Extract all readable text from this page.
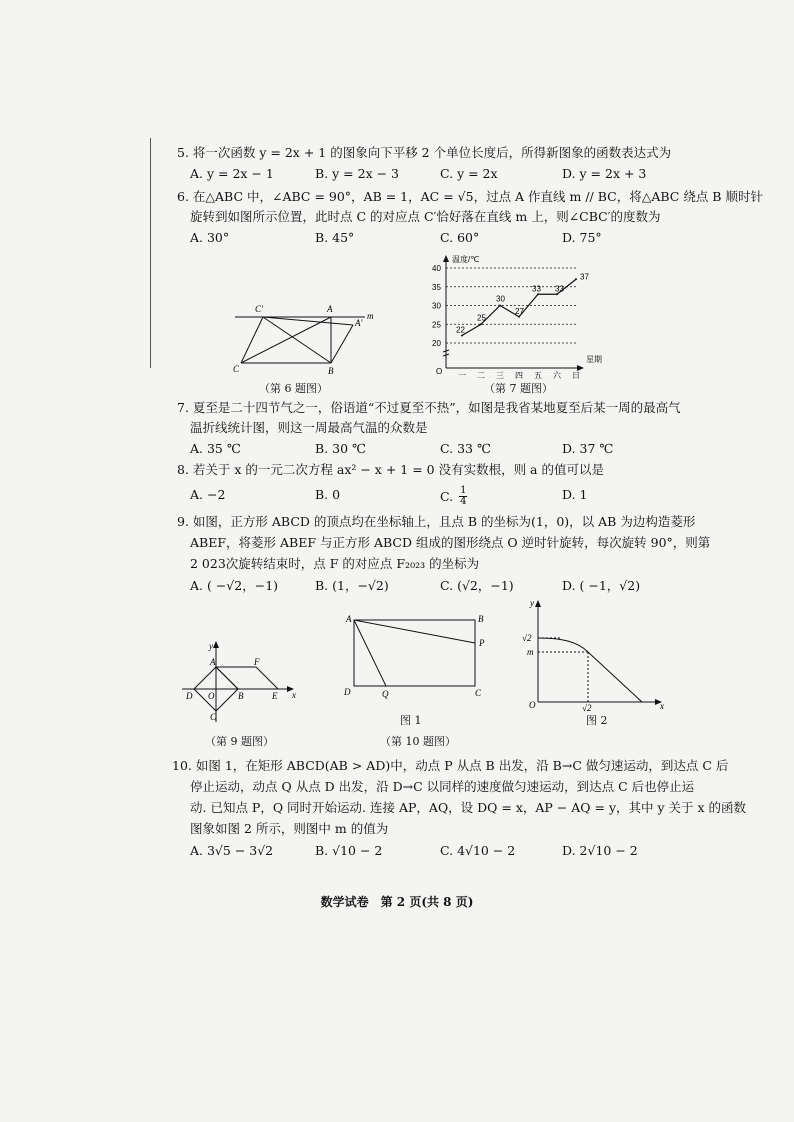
5. 将一次函数 y = 2x + 1 的图象向下平移 2 个单位长度后，所得新图象的函数表达式为
A. y = 2x − 1	B. y = 2x − 3	C. y = 2x	D. y = 2x + 3
6. 在△ABC 中，∠ABC = 90°，AB = 1，AC = √5，过点 A 作直线 m // BC，将△ABC 绕点 B 顺时针
旋转到如图所示位置，此时点 C 的对应点 C′恰好落在直线 m 上，则∠CBC′的度数为
A. 30°	B. 45°	C. 60°	D. 75°
C′	A
A′
m
C	B
（第 6 题图）
温度/℃
星期
O
20
25
30
35
40
一 二 三 四 五 六 日
22
25
30
27
33 33
37
（第 7 题图）
7. 夏至是二十四节气之一，俗语道“不过夏至不热”，如图是我省某地夏至后某一周的最高气
温折线统计图，则这一周最高气温的众数是
A. 35 ℃	B. 30 ℃	C. 33 ℃	D. 37 ℃
8. 若关于 x 的一元二次方程 ax² − x + 1 = 0 没有实数根，则 a 的值可以是
A. −2	B. 0	C. $\frac{1}{4}$	D. 1
9. 如图，正方形 ABCD 的顶点均在坐标轴上，且点 B 的坐标为(1，0)，以 AB 为边构造菱形
ABEF，将菱形 ABEF 与正方形 ABCD 组成的图形绕点 O 逆时针旋转，每次旋转 90°，则第
2 023次旋转结束时，点 F 的对应点 F₂₀₂₃ 的坐标为
A. ( −√2，−1)	B. (1，−√2)	C. (√2，−1)	D. ( −1，√2)
y
A	F
D O	B	E x
C
（第 9 题图）
A	B
P
D	Q	C
图 1
y
√2
m
O	√2	x
图 2
（第 10 题图）
10. 如图 1，在矩形 ABCD(AB > AD)中，动点 P 从点 B 出发，沿 B→C 做匀速运动，到达点 C 后
停止运动，动点 Q 从点 D 出发，沿 D→C 以同样的速度做匀速运动，到达点 C 后也停止运
动. 已知点 P，Q 同时开始运动. 连接 AP，AQ，设 DQ = x，AP − AQ = y，其中 y 关于 x 的函数
图象如图 2 所示，则图中 m 的值为
A. 3√5 − 3√2	B. √10 − 2	C. 4√10 − 2	D. 2√10 − 2
数学试卷　第 2 页(共 8 页)
